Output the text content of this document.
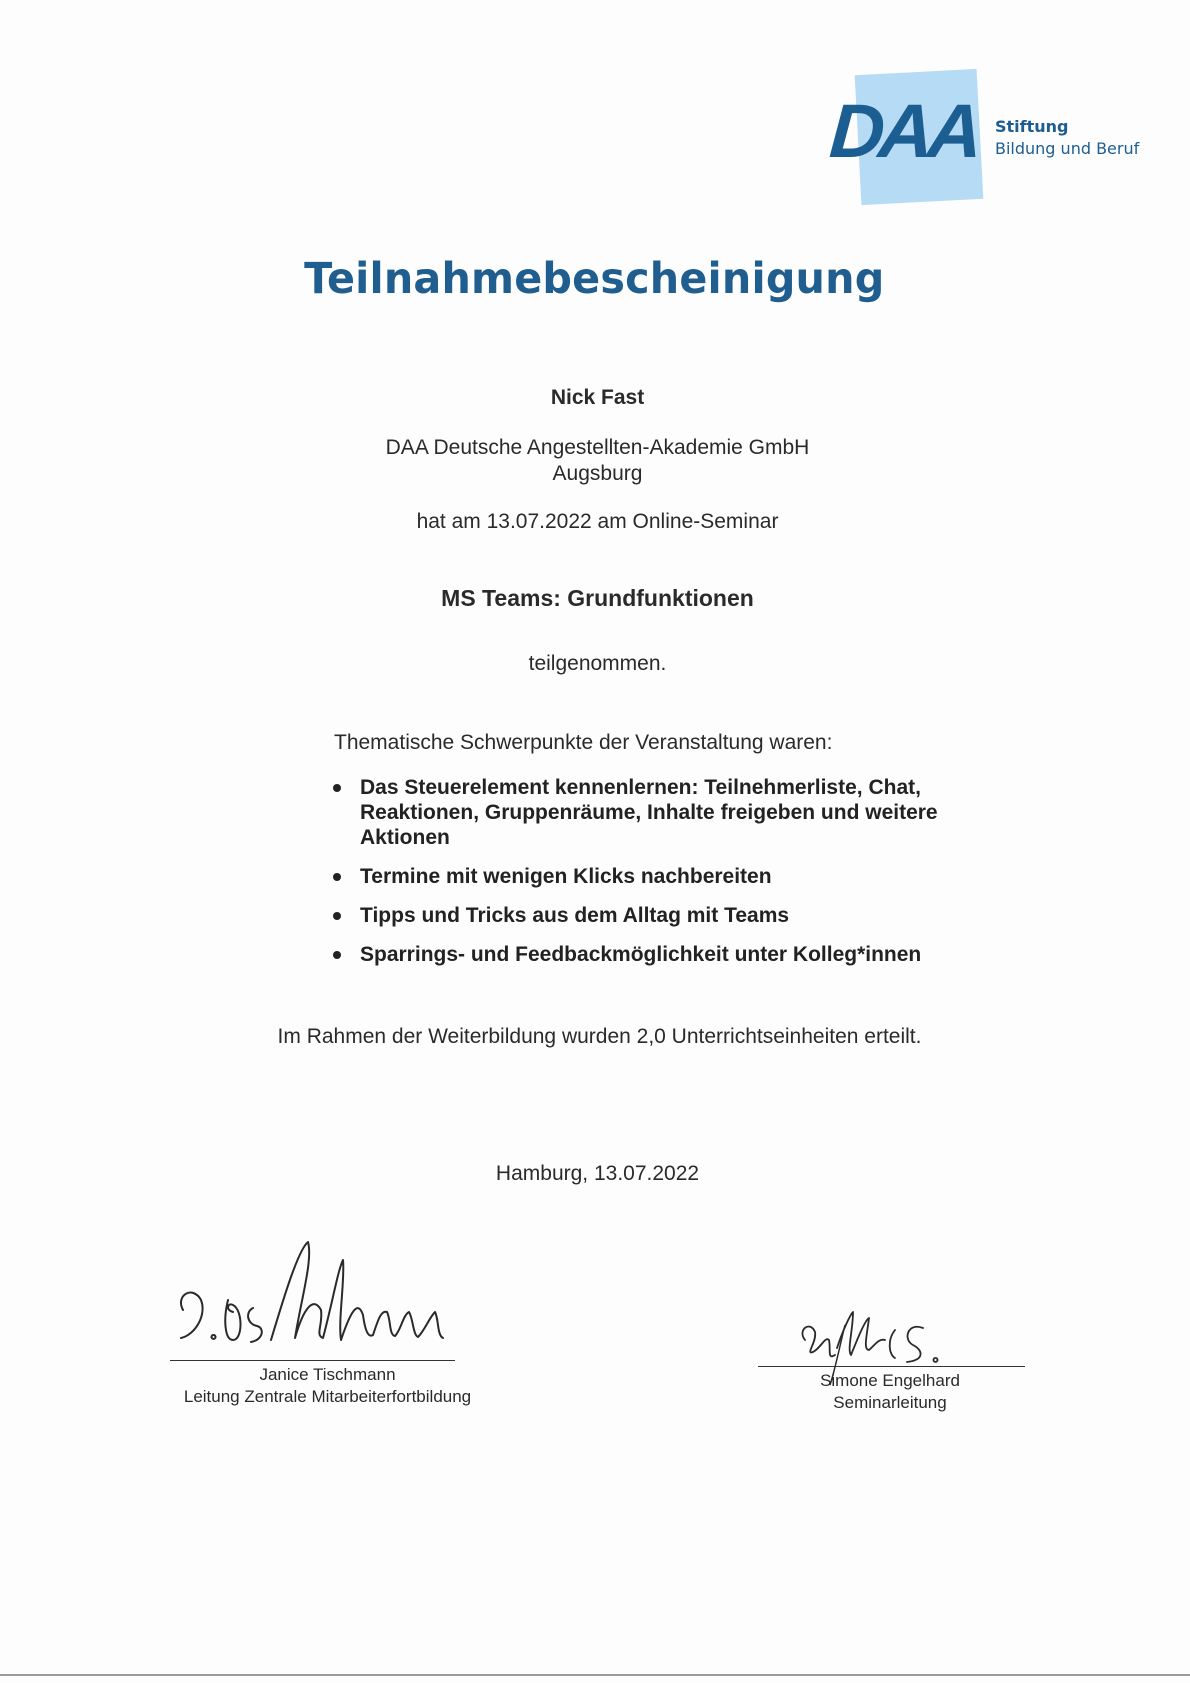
DAA Stiftung
Bildung und Beruf
Teilnahmebescheinigung
Nick Fast
DAA Deutsche Angestellten-Akademie GmbH
Augsburg
hat am 13.07.2022 am Online-Seminar
MS Teams: Grundfunktionen
teilgenommen.
Thematische Schwerpunkte der Veranstaltung waren:
Das Steuerelement kennenlernen: Teilnehmerliste, Chat, Reaktionen, Gruppenräume, Inhalte freigeben und weitere Aktionen
Termine mit wenigen Klicks nachbereiten
Tipps und Tricks aus dem Alltag mit Teams
Sparrings- und Feedbackmöglichkeit unter Kolleg*innen
Im Rahmen der Weiterbildung wurden 2,0 Unterrichtseinheiten erteilt.
Hamburg, 13.07.2022
Janice Tischmann
Leitung Zentrale Mitarbeiterfortbildung
Simone Engelhard
Seminarleitung
